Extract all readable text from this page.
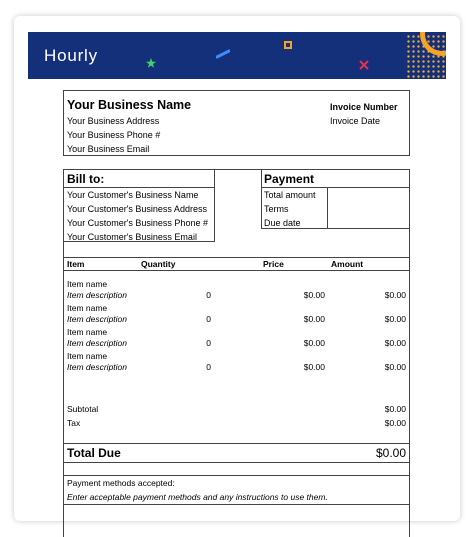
Hourly
Your Business Name
Your Business Address
Your Business Phone #
Your Business Email
Invoice Number
Invoice Date
Bill to:
Your Customer's Business Name
Your Customer's Business Address
Your Customer's Business Phone #
Your Customer's Business Email
Payment
Total amount
Terms
Due date
Item	Quantity	Price	Amount
Item name
Item description	0	$0.00	$0.00
Item name
Item description	0	$0.00	$0.00
Item name
Item description	0	$0.00	$0.00
Item name
Item description	0	$0.00	$0.00
Subtotal	$0.00
Tax	$0.00
Total Due	$0.00
Payment methods accepted:
Enter acceptable payment methods and any instructions to use them.
